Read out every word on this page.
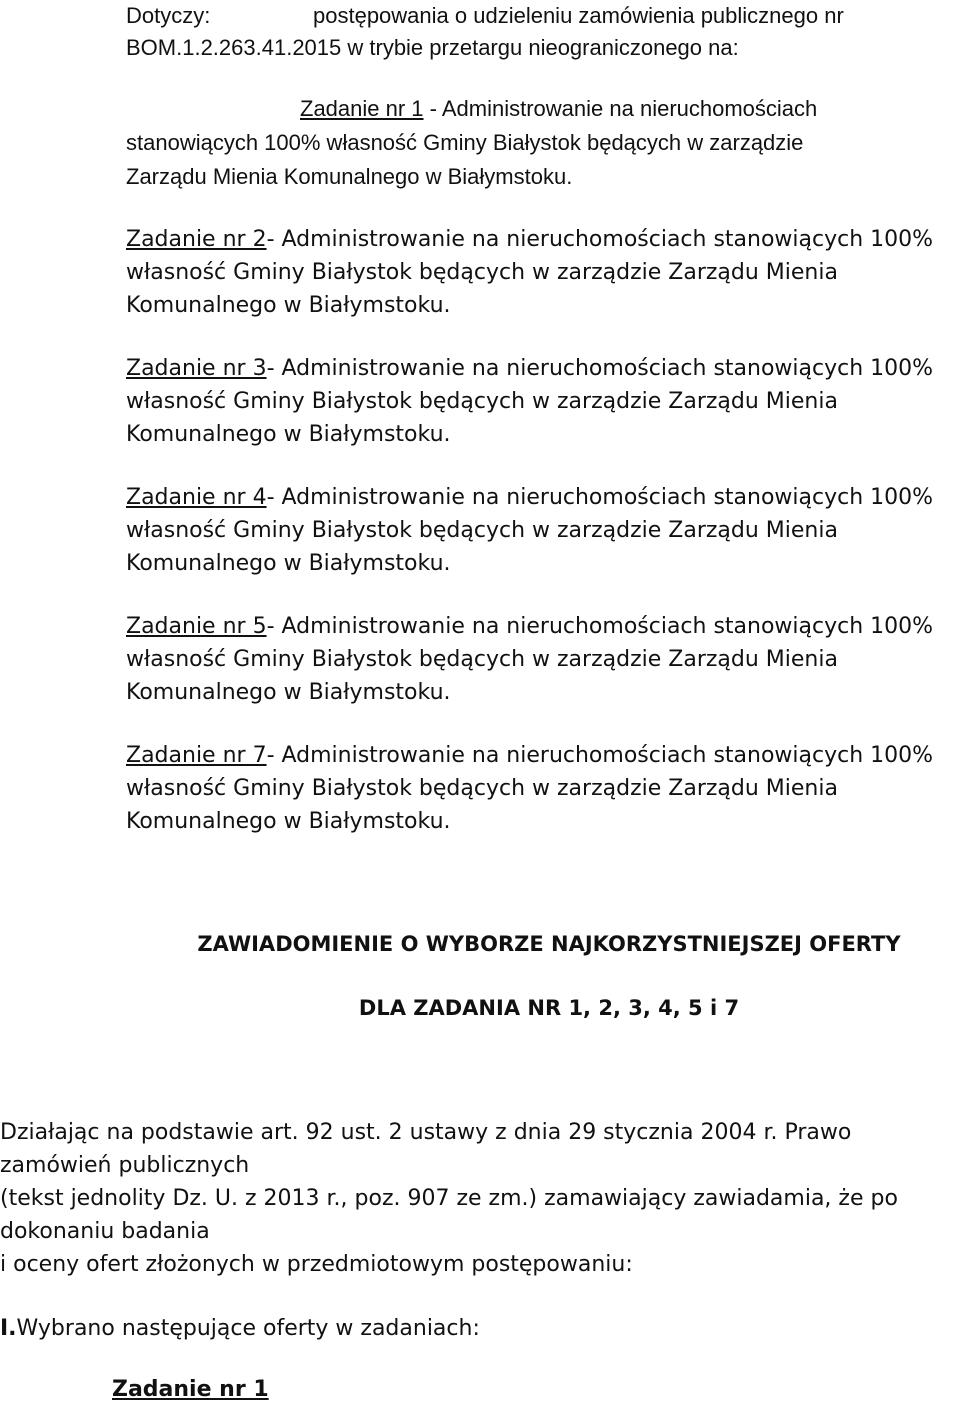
Dotyczy:	postępowania o udzieleniu zamówienia publicznego nr
BOM.1.2.263.41.2015 w trybie przetargu nieograniczonego na:
Zadanie nr 1 - Administrowanie na nieruchomościach
stanowiących 100% własność Gminy Białystok będących w zarządzie
Zarządu Mienia Komunalnego w Białymstoku.
Zadanie nr 2- Administrowanie na nieruchomościach stanowiących 100%
własność Gminy Białystok będących w zarządzie Zarządu Mienia
Komunalnego w Białymstoku.
Zadanie nr 3- Administrowanie na nieruchomościach stanowiących 100%
własność Gminy Białystok będących w zarządzie Zarządu Mienia
Komunalnego w Białymstoku.
Zadanie nr 4- Administrowanie na nieruchomościach stanowiących 100%
własność Gminy Białystok będących w zarządzie Zarządu Mienia
Komunalnego w Białymstoku.
Zadanie nr 5- Administrowanie na nieruchomościach stanowiących 100%
własność Gminy Białystok będących w zarządzie Zarządu Mienia
Komunalnego w Białymstoku.
Zadanie nr 7- Administrowanie na nieruchomościach stanowiących 100%
własność Gminy Białystok będących w zarządzie Zarządu Mienia
Komunalnego w Białymstoku.
ZAWIADOMIENIE O WYBORZE NAJKORZYSTNIEJSZEJ OFERTY
DLA ZADANIA NR 1, 2, 3, 4, 5 i 7
Działając na podstawie art. 92 ust. 2 ustawy z dnia 29 stycznia 2004 r. Prawo
zamówień publicznych
(tekst jednolity Dz. U. z 2013 r., poz. 907 ze zm.) zamawiający zawiadamia, że po
dokonaniu badania
i oceny ofert złożonych w przedmiotowym postępowaniu:
I.Wybrano następujące oferty w zadaniach:
Zadanie nr 1
